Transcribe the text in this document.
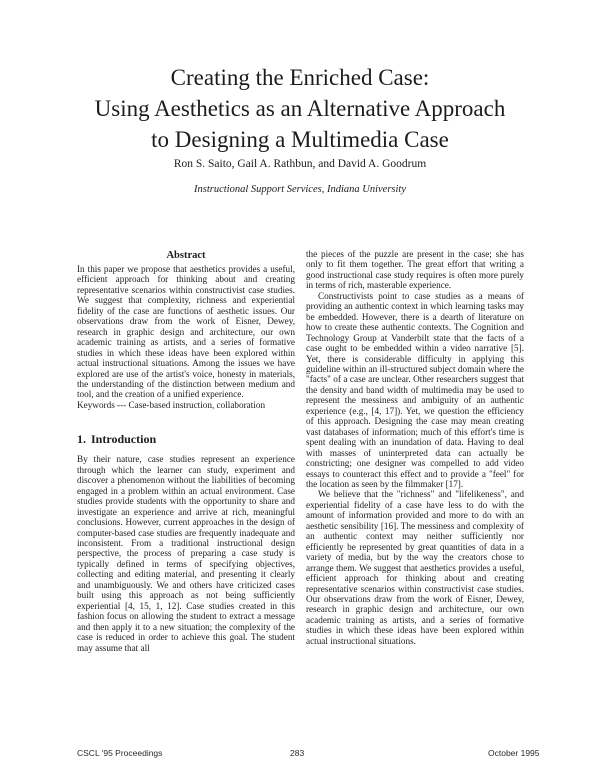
Creating the Enriched Case:
Using Aesthetics as an Alternative Approach
to Designing a Multimedia Case
Ron S. Saito, Gail A. Rathbun, and David A. Goodrum
Instructional Support Services, Indiana University
Abstract

In this paper we propose that aesthetics provides a useful, efficient approach for thinking about and creating representative scenarios within constructivist case studies. We suggest that complexity, richness and experiential fidelity of the case are functions of aesthetic issues. Our observations draw from the work of Eisner, Dewey, research in graphic design and architecture, our own academic training as artists, and a series of formative studies in which these ideas have been explored within actual instructional situations. Among the issues we have explored are use of the artist's voice, honesty in materials, the understanding of the distinction between medium and tool, and the creation of a unified experience.

Keywords --- Case-based instruction, collaboration

1. Introduction

By their nature, case studies represent an experience through which the learner can study, experiment and discover a phenomenon without the liabilities of becoming engaged in a problem within an actual environment. Case studies provide students with the opportunity to share and investigate an experience and arrive at rich, meaningful conclusions. However, current approaches in the design of computer-based case studies are frequently inadequate and inconsistent. From a traditional instructional design perspective, the process of preparing a case study is typically defined in terms of specifying objectives, collecting and editing material, and presenting it clearly and unambiguously. We and others have criticized cases built using this approach as not being sufficiently experiential [4, 15, 1, 12]. Case studies created in this fashion focus on allowing the student to extract a message and then apply it to a new situation; the complexity of the case is reduced in order to achieve this goal. The student may assume that all

the pieces of the puzzle are present in the case; she has only to fit them together. The great effort that writing a good instructional case study requires is often more purely in terms of rich, masterable experience.

Constructivists point to case studies as a means of providing an authentic context in which learning tasks may be embedded. However, there is a dearth of literature on how to create these authentic contexts. The Cognition and Technology Group at Vanderbilt state that the facts of a case ought to be embedded within a video narrative [5]. Yet, there is considerable difficulty in applying this guideline within an ill-structured subject domain where the "facts" of a case are unclear. Other researchers suggest that the density and band width of multimedia may be used to represent the messiness and ambiguity of an authentic experience (e.g., [4, 17]). Yet, we question the efficiency of this approach. Designing the case may mean creating vast databases of information; much of this effort's time is spent dealing with an inundation of data. Having to deal with masses of uninterpreted data can actually be constricting; one designer was compelled to add video essays to counteract this effect and to provide a "feel" for the location as seen by the filmmaker [17].

We believe that the "richness" and "lifelikeness", and experiential fidelity of a case have less to do with the amount of information provided and more to do with an aesthetic sensibility [16]. The messiness and complexity of an authentic context may neither sufficiently nor efficiently be represented by great quantities of data in a variety of media, but by the way the creators chose to arrange them. We suggest that aesthetics provides a useful, efficient approach for thinking about and creating representative scenarios within constructivist case studies. Our observations draw from the work of Eisner, Dewey, research in graphic design and architecture, our own academic training as artists, and a series of formative studies in which these ideas have been explored within actual instructional situations.

CSCL '95 Proceedings	283	October 1995
